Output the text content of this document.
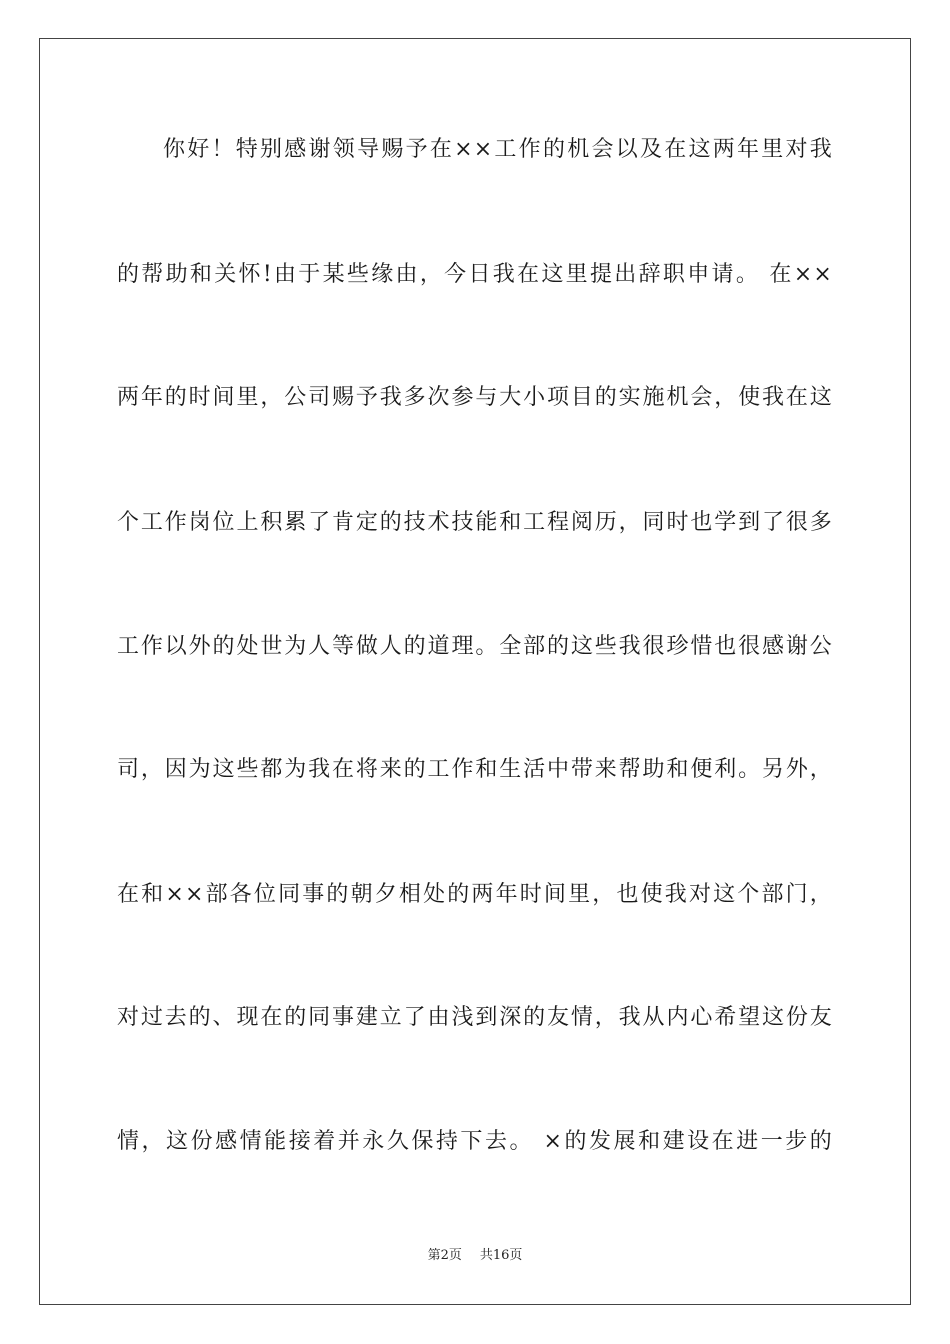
你好！特别感谢领导赐予在××工作的机会以及在这两年里对我
的帮助和关怀!由于某些缘由，今日我在这里提出辞职申请。 在××
两年的时间里，公司赐予我多次参与大小项目的实施机会，使我在这
个工作岗位上积累了肯定的技术技能和工程阅历，同时也学到了很多
工作以外的处世为人等做人的道理。全部的这些我很珍惜也很感谢公
司，因为这些都为我在将来的工作和生活中带来帮助和便利。另外，
在和××部各位同事的朝夕相处的两年时间里，也使我对这个部门，
对过去的、现在的同事建立了由浅到深的友情，我从内心希望这份友
情，这份感情能接着并永久保持下去。 ×的发展和建设在进一步的
第2页 共16页
